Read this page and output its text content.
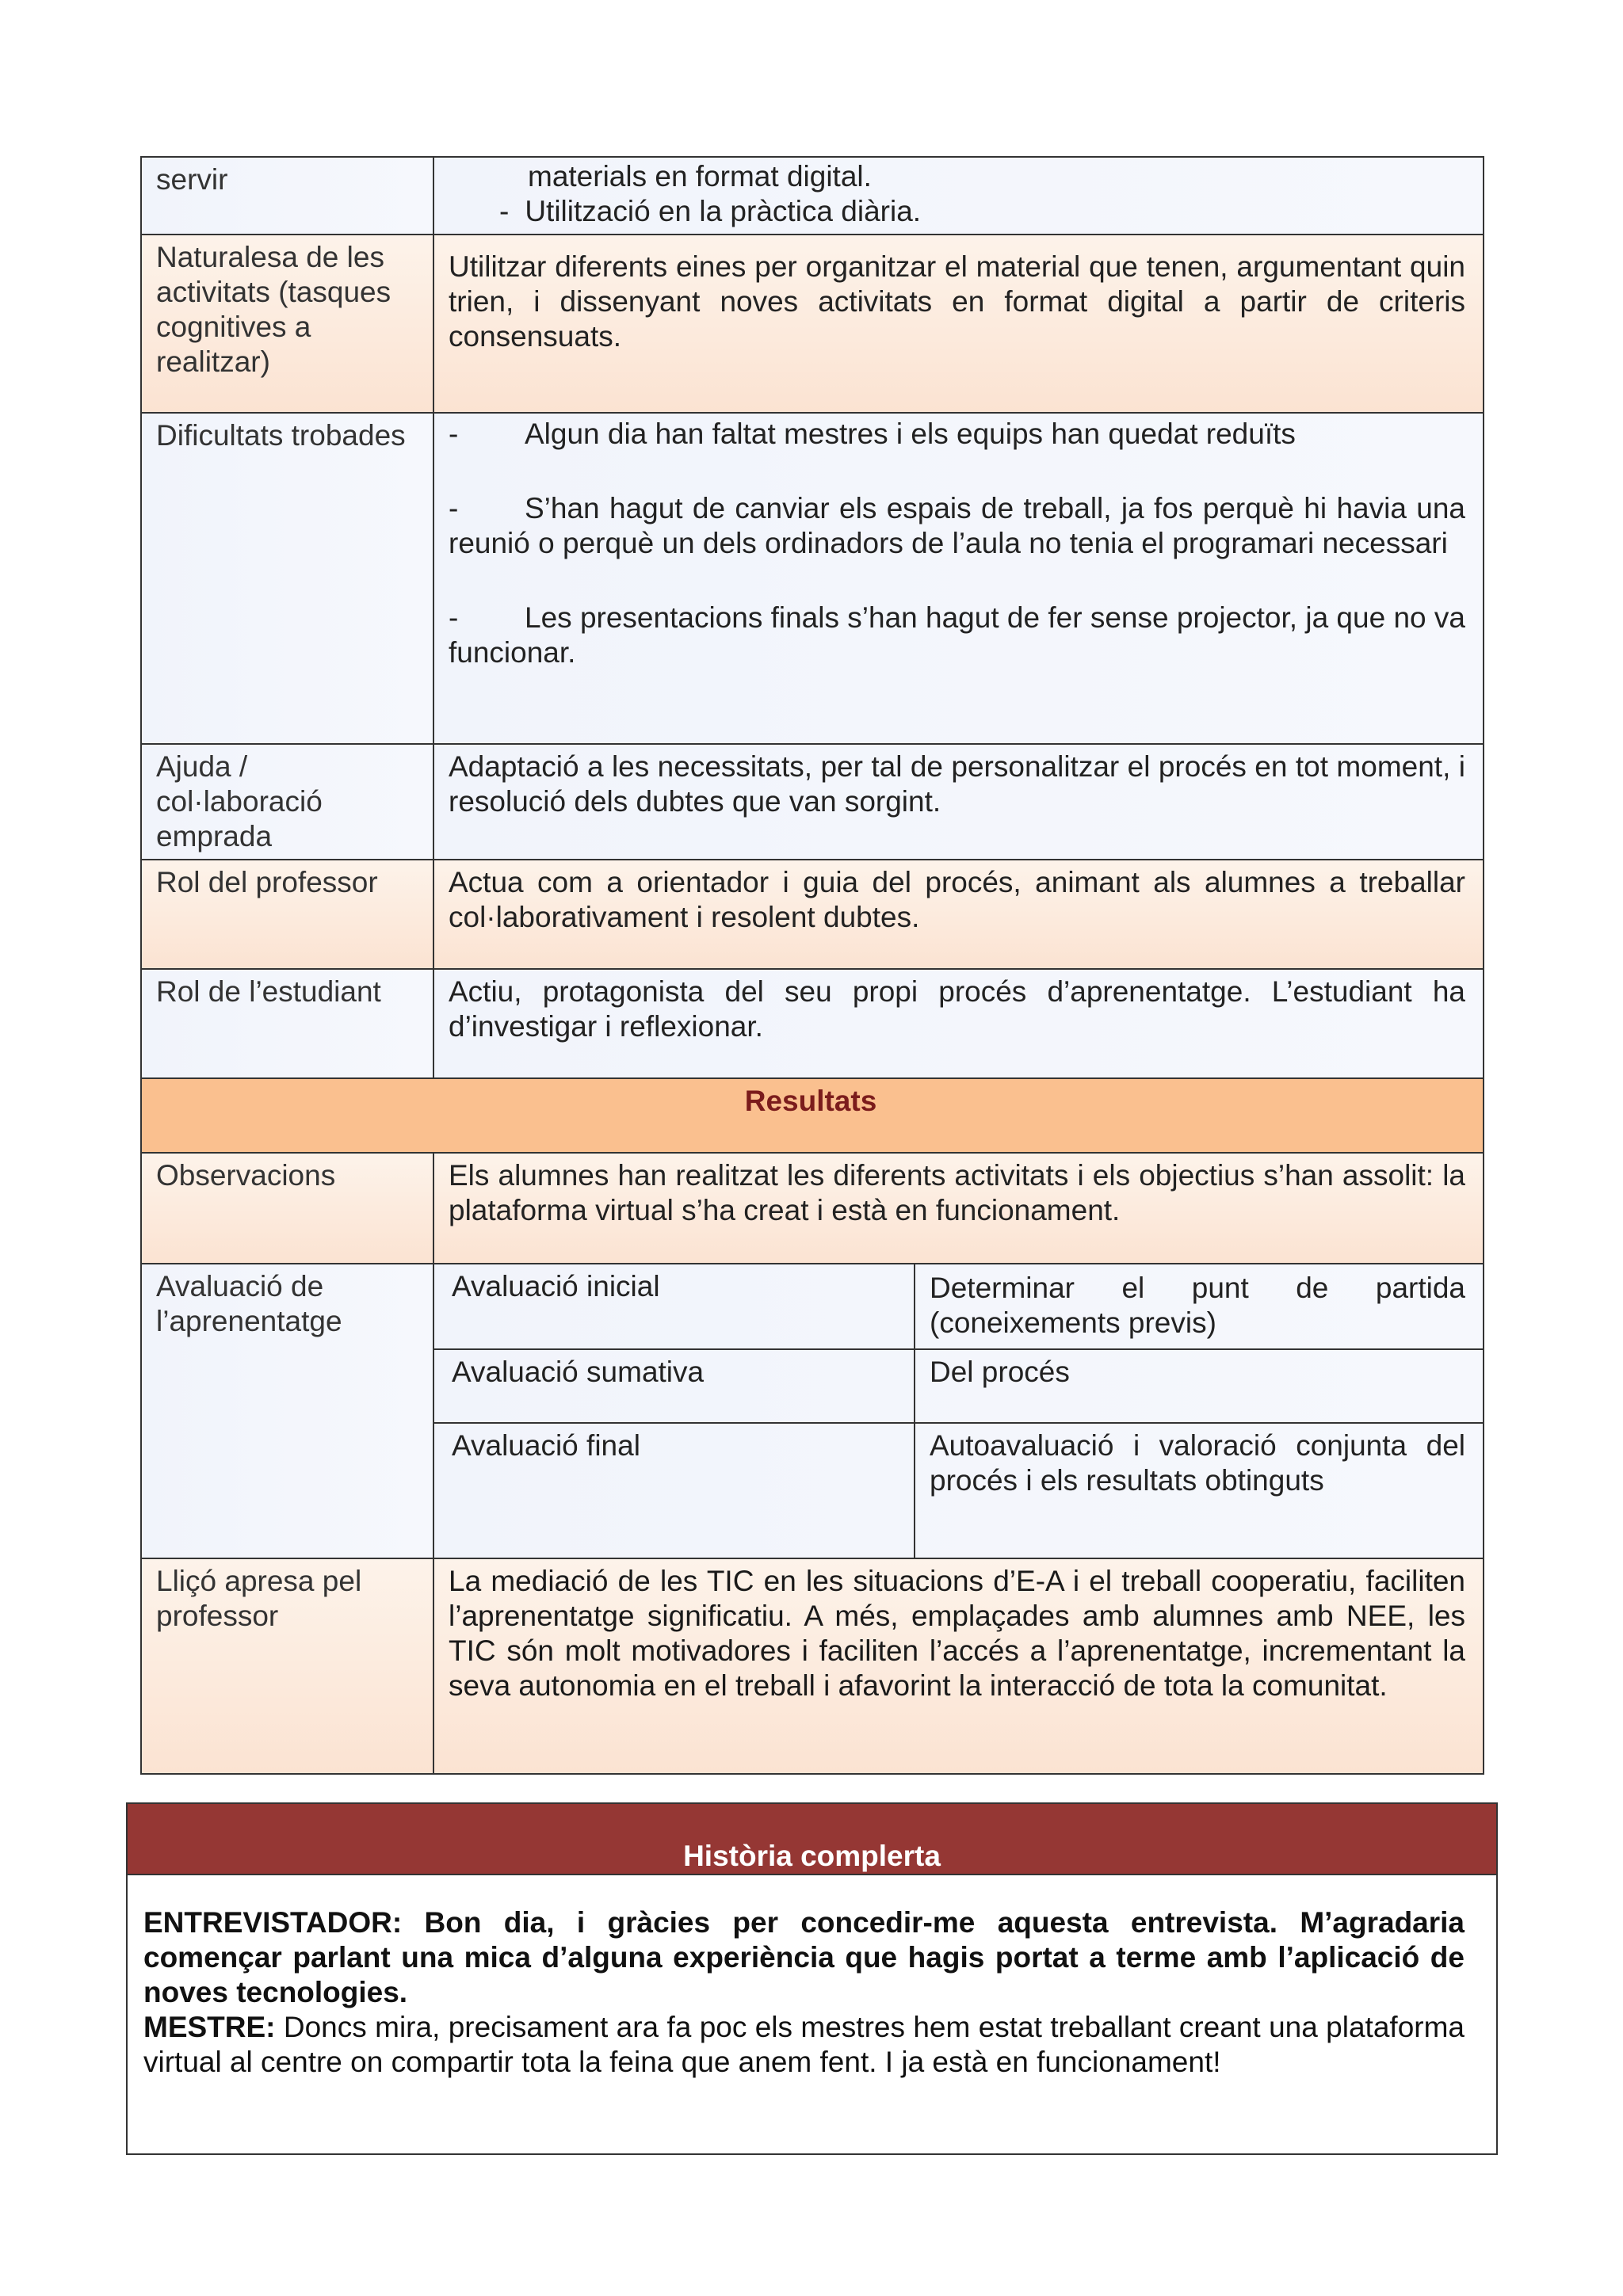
servir	materials en format digital.
- Utilització en la pràctica diària.

Naturalesa de les activitats (tasques cognitives a realitzar)	Utilitzar diferents eines per organitzar el material que tenen, argumentant quin trien, i dissenyant noves activitats en format digital a partir de criteris consensuats.
Dificultats trobades	- Algun dia han faltat mestres i els equips han quedat reduïts

- S’han hagut de canviar els espais de treball, ja fos perquè hi havia una reunió o perquè un dels ordinadors de l’aula no tenia el programari necessari

- Les presentacions finals s’han hagut de fer sense projector, ja que no va funcionar.

Ajuda / col·laboració emprada	Adaptació a les necessitats, per tal de personalitzar el procés en tot moment, i resolució dels dubtes que van sorgint.
Rol del professor	Actua com a orientador i guia del procés, animant als alumnes a treballar col·laborativament i resolent dubtes.
Rol de l’estudiant	Actiu, protagonista del seu propi procés d’aprenentatge. L’estudiant ha d’investigar i reflexionar.
Resultats
Observacions	Els alumnes han realitzat les diferents activitats i els objectius s’han assolit: la plataforma virtual s’ha creat i està en funcionament.
Avaluació de l’aprenentatge	
Avaluació inicial	Determinar el punt de partida (coneixements previs)
Avaluació sumativa	Del procés
Avaluació final	Autoavaluació i valoració conjunta del procés i els resultats obtinguts

Lliçó apresa pel professor	La mediació de les TIC en les situacions d’E-A i el treball cooperatiu, faciliten l’aprenentatge significatiu. A més, emplaçades amb alumnes amb NEE, les TIC són molt motivadores i faciliten l’accés a l’aprenentatge, incrementant la seva autonomia en el treball i afavorint la interacció de tota la comunitat.
Història complerta
ENTREVISTADOR: Bon dia, i gràcies per concedir-me aquesta entrevista. M’agradaria començar parlant una mica d’alguna experiència que hagis portat a terme amb l’aplicació de noves tecnologies.
MESTRE: Doncs mira, precisament ara fa poc els mestres hem estat treballant creant una plataforma virtual al centre on compartir tota la feina que anem fent. I ja està en funcionament!
